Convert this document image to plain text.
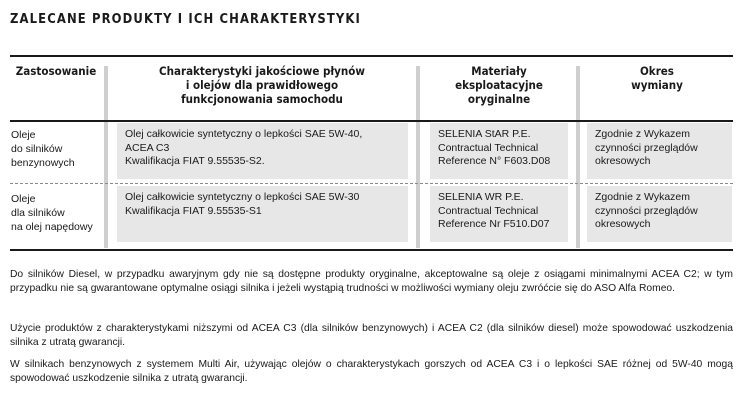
ZALECANE PRODUKTY I ICH CHARAKTERYSTYKI
Zastosowanie	Charakterystyki jakościowe płynów
i olejów dla prawidłowego
funkcjonowania samochodu
Materiały
eksploatacyjne
oryginalne
Okres
wymiany
Oleje
do silników
benzynowych
Olej całkowicie syntetyczny o lepkości SAE 5W-40,
ACEA C3
Kwalifikacja FIAT 9.55535-S2.
SELENIA StAR P.E.
Contractual Technical
Reference N° F603.D08
Zgodnie z Wykazem
czynności przeglądów
okresowych
Oleje
dla silników
na olej napędowy
Olej całkowicie syntetyczny o lepkości SAE 5W-30
Kwalifikacja FIAT 9.55535-S1
SELENIA WR P.E.
Contractual Technical
Reference Nr F510.D07
Zgodnie z Wykazem
czynności przeglądów
okresowych
Do silników Diesel, w przypadku awaryjnym gdy nie są dostępne produkty oryginalne, akceptowalne są oleje z osiągami minimalnymi ACEA C2; w tym przypadku nie są gwarantowane optymalne osiągi silnika i jeżeli wystąpią trudności w możliwości wymiany oleju zwróćcie się do ASO Alfa Romeo.
Użycie produktów z charakterystykami niższymi od ACEA C3 (dla silników benzynowych) i ACEA C2 (dla silników diesel) może spowodować uszkodzenia silnika z utratą gwarancji.
W silnikach benzynowych z systemem Multi Air, używając olejów o charakterystykach gorszych od ACEA C3 i o lepkości SAE różnej od 5W-40 mogą spowodować uszkodzenie silnika z utratą gwarancji.
